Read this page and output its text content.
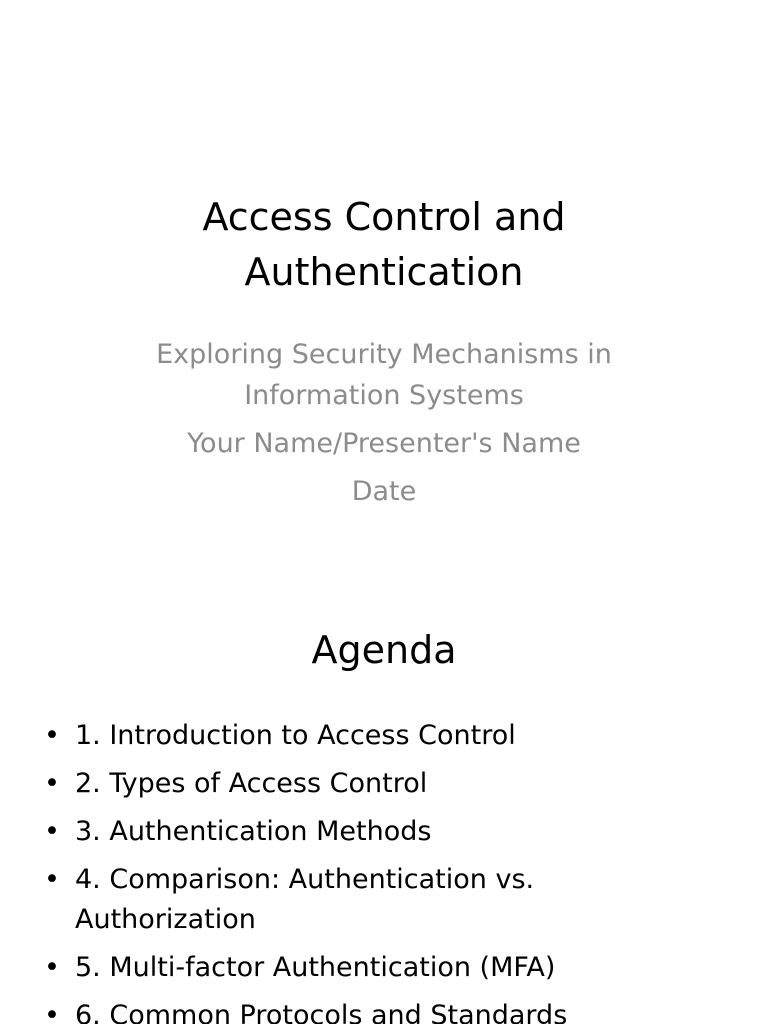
Access Control and Authentication
Exploring Security Mechanisms in Information Systems
Your Name/Presenter's Name
Date
Agenda
• 1. Introduction to Access Control
• 2. Types of Access Control
• 3. Authentication Methods
• 4. Comparison: Authentication vs. Authorization
• 5. Multi-factor Authentication (MFA)
• 6. Common Protocols and Standards
